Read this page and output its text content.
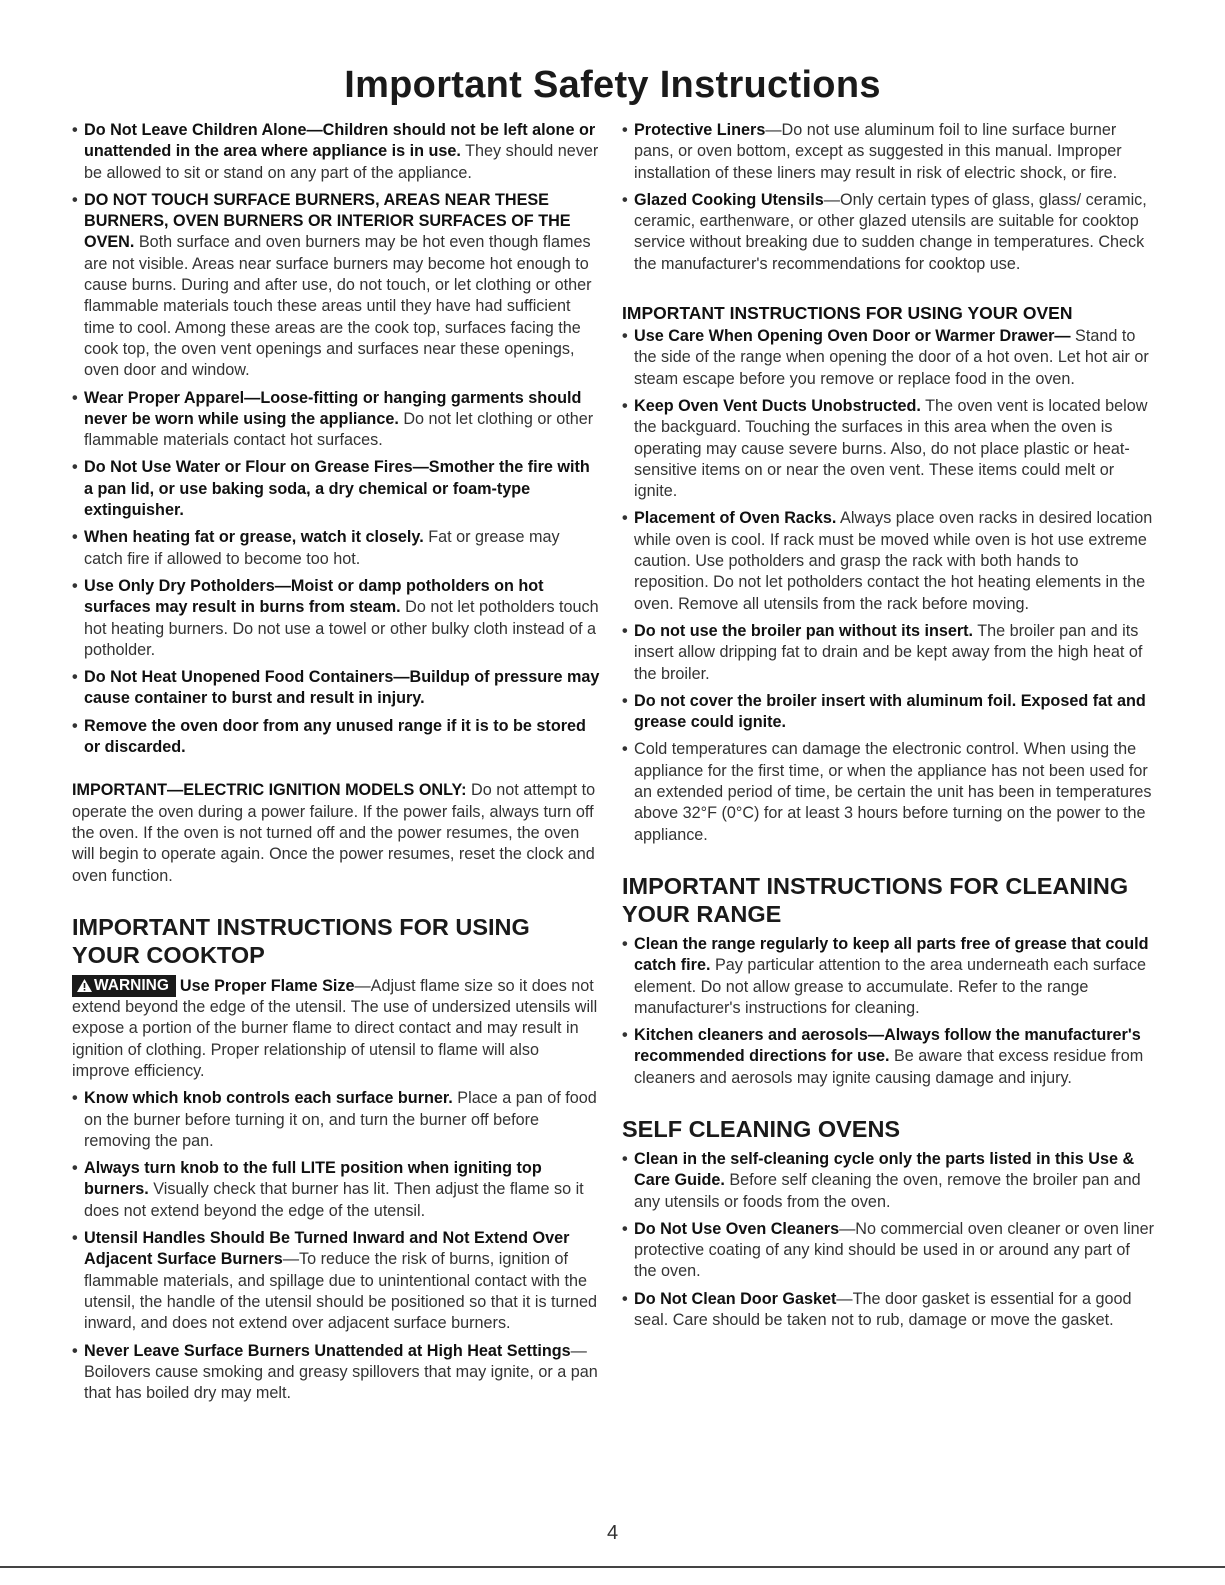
Important Safety Instructions

• Do Not Leave Children Alone—Children should not be left alone or unattended in the area where appliance is in use. They should never be allowed to sit or stand on any part of the appliance.

• DO NOT TOUCH SURFACE BURNERS, AREAS NEAR THESE BURNERS, OVEN BURNERS OR INTERIOR SURFACES OF THE OVEN. Both surface and oven burners may be hot even though flames are not visible. Areas near surface burners may become hot enough to cause burns. During and after use, do not touch, or let clothing or other flammable materials touch these areas until they have had sufficient time to cool. Among these areas are the cook top, surfaces facing the cook top, the oven vent openings and surfaces near these openings, oven door and window.

• Wear Proper Apparel—Loose-fitting or hanging garments should never be worn while using the appliance. Do not let clothing or other flammable materials contact hot surfaces.

• Do Not Use Water or Flour on Grease Fires—Smother the fire with a pan lid, or use baking soda, a dry chemical or foam-type extinguisher.

• When heating fat or grease, watch it closely. Fat or grease may catch fire if allowed to become too hot.

• Use Only Dry Potholders—Moist or damp potholders on hot surfaces may result in burns from steam. Do not let potholders touch hot heating burners. Do not use a towel or other bulky cloth instead of a potholder.

• Do Not Heat Unopened Food Containers—Buildup of pressure may cause container to burst and result in injury.

• Remove the oven door from any unused range if it is to be stored or discarded.

IMPORTANT—ELECTRIC IGNITION MODELS ONLY: Do not attempt to operate the oven during a power failure. If the power fails, always turn off the oven. If the oven is not turned off and the power resumes, the oven will begin to operate again. Once the power resumes, reset the clock and oven function.

IMPORTANT INSTRUCTIONS FOR USING YOUR COOKTOP

WARNING Use Proper Flame Size—Adjust flame size so it does not extend beyond the edge of the utensil. The use of undersized utensils will expose a portion of the burner flame to direct contact and may result in ignition of clothing. Proper relationship of utensil to flame will also improve efficiency.

• Know which knob controls each surface burner. Place a pan of food on the burner before turning it on, and turn the burner off before removing the pan.

• Always turn knob to the full LITE position when igniting top burners. Visually check that burner has lit. Then adjust the flame so it does not extend beyond the edge of the utensil.

• Utensil Handles Should Be Turned Inward and Not Extend Over Adjacent Surface Burners—To reduce the risk of burns, ignition of flammable materials, and spillage due to unintentional contact with the utensil, the handle of the utensil should be positioned so that it is turned inward, and does not extend over adjacent surface burners.

• Never Leave Surface Burners Unattended at High Heat Settings—Boilovers cause smoking and greasy spillovers that may ignite, or a pan that has boiled dry may melt.

• Protective Liners—Do not use aluminum foil to line surface burner pans, or oven bottom, except as suggested in this manual. Improper installation of these liners may result in risk of electric shock, or fire.

• Glazed Cooking Utensils—Only certain types of glass, glass/ ceramic, ceramic, earthenware, or other glazed utensils are suitable for cooktop service without breaking due to sudden change in temperatures. Check the manufacturer's recommendations for cooktop use.

IMPORTANT INSTRUCTIONS FOR USING YOUR OVEN

• Use Care When Opening Oven Door or Warmer Drawer— Stand to the side of the range when opening the door of a hot oven. Let hot air or steam escape before you remove or replace food in the oven.

• Keep Oven Vent Ducts Unobstructed. The oven vent is located below the backguard. Touching the surfaces in this area when the oven is operating may cause severe burns. Also, do not place plastic or heat-sensitive items on or near the oven vent. These items could melt or ignite.

• Placement of Oven Racks. Always place oven racks in desired location while oven is cool. If rack must be moved while oven is hot use extreme caution. Use potholders and grasp the rack with both hands to reposition. Do not let potholders contact the hot heating elements in the oven. Remove all utensils from the rack before moving.

• Do not use the broiler pan without its insert. The broiler pan and its insert allow dripping fat to drain and be kept away from the high heat of the broiler.

• Do not cover the broiler insert with aluminum foil. Exposed fat and grease could ignite.

• Cold temperatures can damage the electronic control. When using the appliance for the first time, or when the appliance has not been used for an extended period of time, be certain the unit has been in temperatures above 32°F (0°C) for at least 3 hours before turning on the power to the appliance.

IMPORTANT INSTRUCTIONS FOR CLEANING YOUR RANGE

• Clean the range regularly to keep all parts free of grease that could catch fire. Pay particular attention to the area underneath each surface element. Do not allow grease to accumulate. Refer to the range manufacturer's instructions for cleaning.

• Kitchen cleaners and aerosols—Always follow the manufacturer's recommended directions for use. Be aware that excess residue from cleaners and aerosols may ignite causing damage and injury.

SELF CLEANING OVENS

• Clean in the self-cleaning cycle only the parts listed in this Use & Care Guide. Before self cleaning the oven, remove the broiler pan and any utensils or foods from the oven.

• Do Not Use Oven Cleaners—No commercial oven cleaner or oven liner protective coating of any kind should be used in or around any part of the oven.

• Do Not Clean Door Gasket—The door gasket is essential for a good seal. Care should be taken not to rub, damage or move the gasket.

4
